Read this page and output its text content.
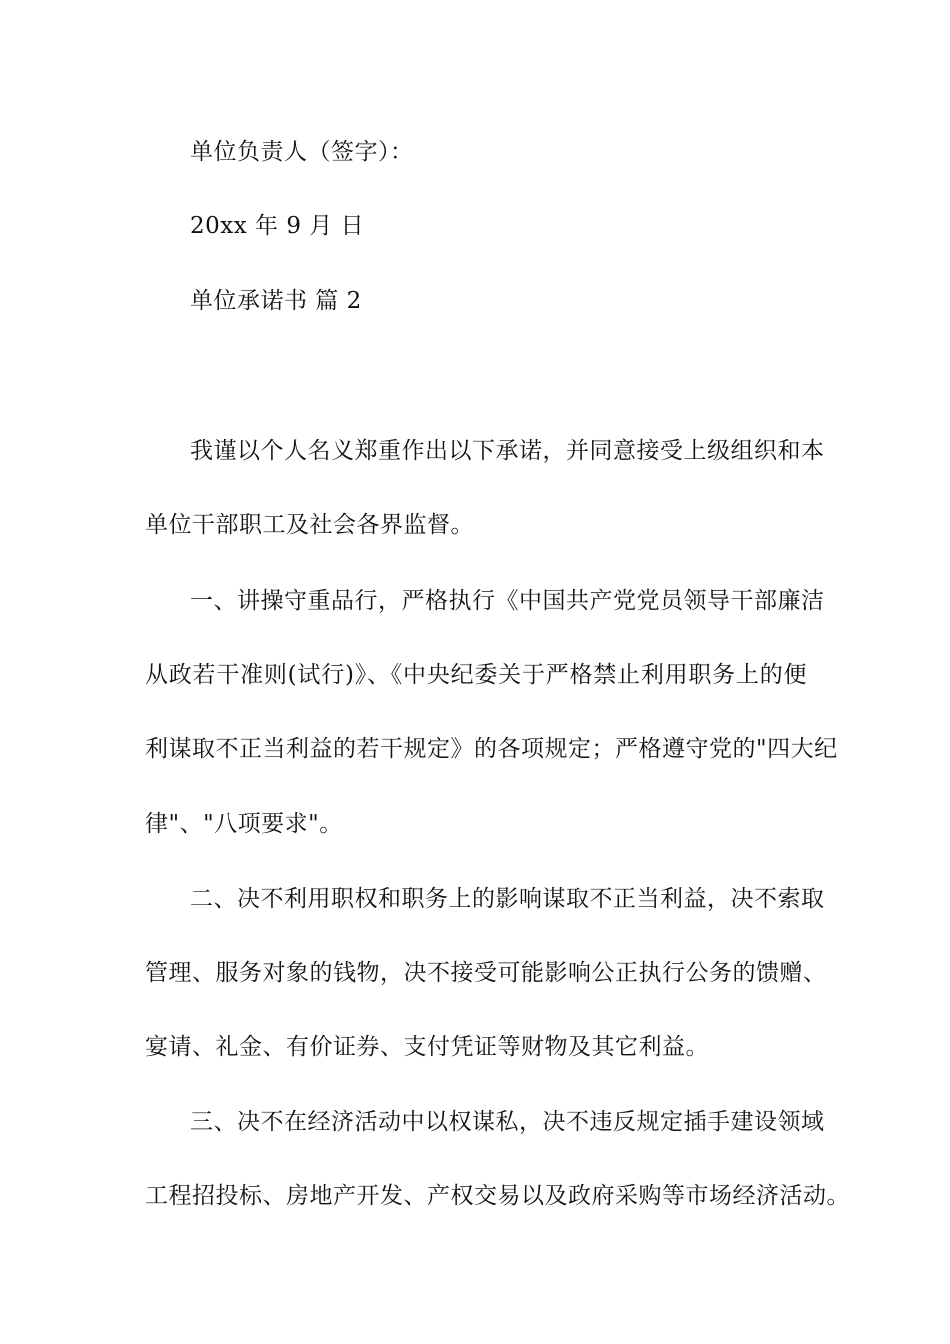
单位负责人（签字）：
20xx 年 9 月 日
单位承诺书 篇 2
我谨以个人名义郑重作出以下承诺，并同意接受上级组织和本
单位干部职工及社会各界监督。
一、讲操守重品行，严格执行《中国共产党党员领导干部廉洁
从政若干准则(试行)》、《中央纪委关于严格禁止利用职务上的便
利谋取不正当利益的若干规定》的各项规定；严格遵守党的"四大纪
律"、"八项要求"。
二、决不利用职权和职务上的影响谋取不正当利益，决不索取
管理、服务对象的钱物，决不接受可能影响公正执行公务的馈赠、
宴请、礼金、有价证券、支付凭证等财物及其它利益。
三、决不在经济活动中以权谋私，决不违反规定插手建设领域
工程招投标、房地产开发、产权交易以及政府采购等市场经济活动。
